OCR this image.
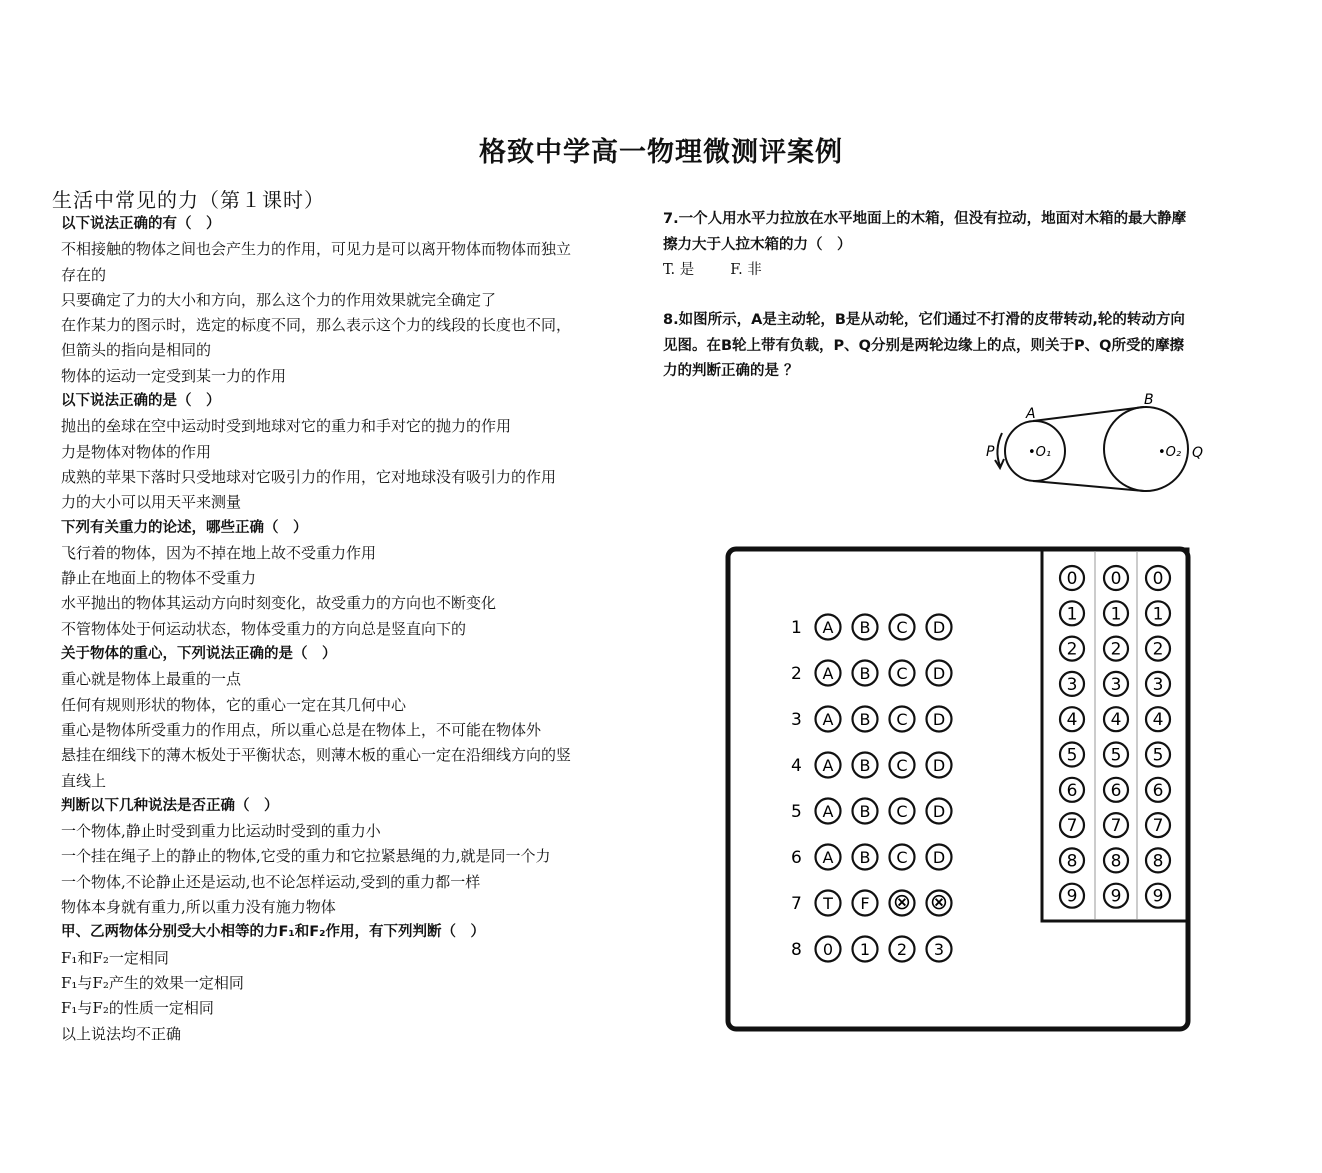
格致中学高一物理微测评案例
生活中常见的力（第１课时）
以下说法正确的有（　）
不相接触的物体之间也会产生力的作用，可见力是可以离开物体而物体而独立
存在的
只要确定了力的大小和方向，那么这个力的作用效果就完全确定了
在作某力的图示时，选定的标度不同，那么表示这个力的线段的长度也不同，
但箭头的指向是相同的
物体的运动一定受到某一力的作用
以下说法正确的是（　）
抛出的垒球在空中运动时受到地球对它的重力和手对它的抛力的作用
力是物体对物体的作用
成熟的苹果下落时只受地球对它吸引力的作用，它对地球没有吸引力的作用
力的大小可以用天平来测量
下列有关重力的论述，哪些正确（　）
飞行着的物体，因为不掉在地上故不受重力作用
静止在地面上的物体不受重力
水平抛出的物体其运动方向时刻变化，故受重力的方向也不断变化
不管物体处于何运动状态，物体受重力的方向总是竖直向下的
关于物体的重心，下列说法正确的是（　）
重心就是物体上最重的一点
任何有规则形状的物体，它的重心一定在其几何中心
重心是物体所受重力的作用点，所以重心总是在物体上，不可能在物体外
悬挂在细线下的薄木板处于平衡状态，则薄木板的重心一定在沿细线方向的竖
直线上
判断以下几种说法是否正确（　）
一个物体,静止时受到重力比运动时受到的重力小
一个挂在绳子上的静止的物体,它受的重力和它拉紧悬绳的力,就是同一个力
一个物体,不论静止还是运动,也不论怎样运动,受到的重力都一样
物体本身就有重力,所以重力没有施力物体
甲、乙两物体分别受大小相等的力F₁和F₂作用，有下列判断（　）
F₁和F₂一定相同
F₁与F₂产生的效果一定相同
F₁与F₂的性质一定相同
以上说法均不正确
7.一个人用水平力拉放在水平地面上的木箱，但没有拉动，地面对木箱的最大静摩
擦力大于人拉木箱的力（　）
T. 是 F. 非
8.如图所示，A是主动轮，B是从动轮，它们通过不打滑的皮带转动,轮的转动方向
见图。在B轮上带有负载，P、Q分别是两轮边缘上的点，则关于P、Q所受的摩擦
力的判断正确的是 ？
A
B
P	Q
•O₁	•O₂
1 A B C D
2 A B C D
3 A B C D
4 A B C D
5 A B C D
6 A B C D
7 T F ⊗ ⊗
8 0 1 2 3
0
1
2
3
4
5
6
7
8
9
0
1
2
3
4
5
6
7
8
9
0
1
2
3
4
5
6
7
8
9
